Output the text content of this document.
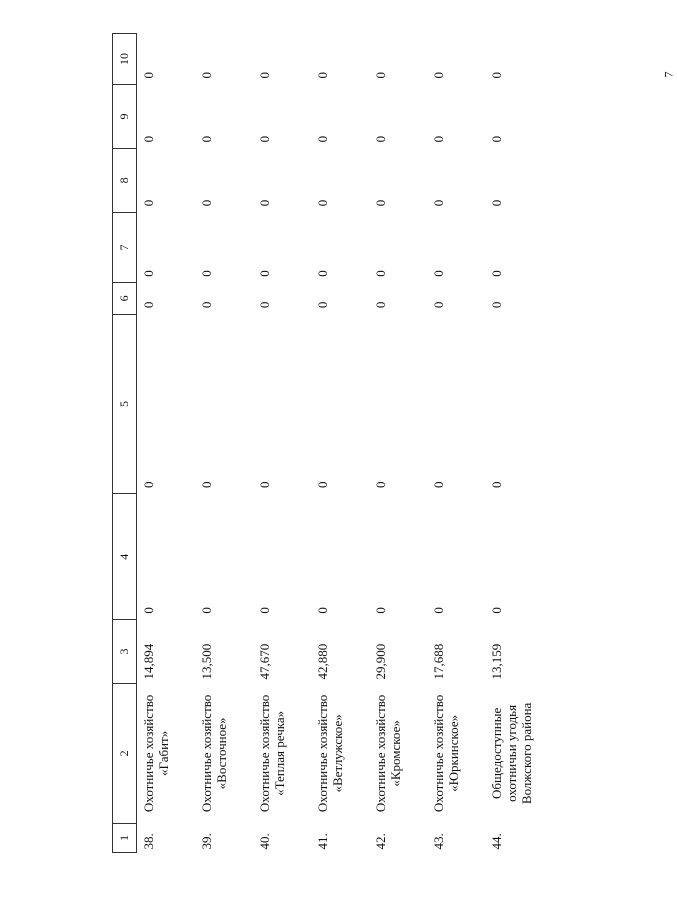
7
1	2	3	4	5	6	7	8	9	10
38.	Охотничье хозяйство «Габит»	14,894	0	0	0	0	0	0	0
39.	Охотничье хозяйство «Восточное»	13,500	0	0	0	0	0	0	0
40.	Охотничье хозяйство «Теплая речка»	47,670	0	0	0	0	0	0	0
41.	Охотничье хозяйство «Ветлужское»	42,880	0	0	0	0	0	0	0
42.	Охотничье хозяйство «Кромское»	29,900	0	0	0	0	0	0	0
43.	Охотничье хозяйство «Юркинское»	17,688	0	0	0	0	0	0	0
44.	Общедоступные охотничьи угодья Волжского района	13,159	0	0	0	0	0	0	0
